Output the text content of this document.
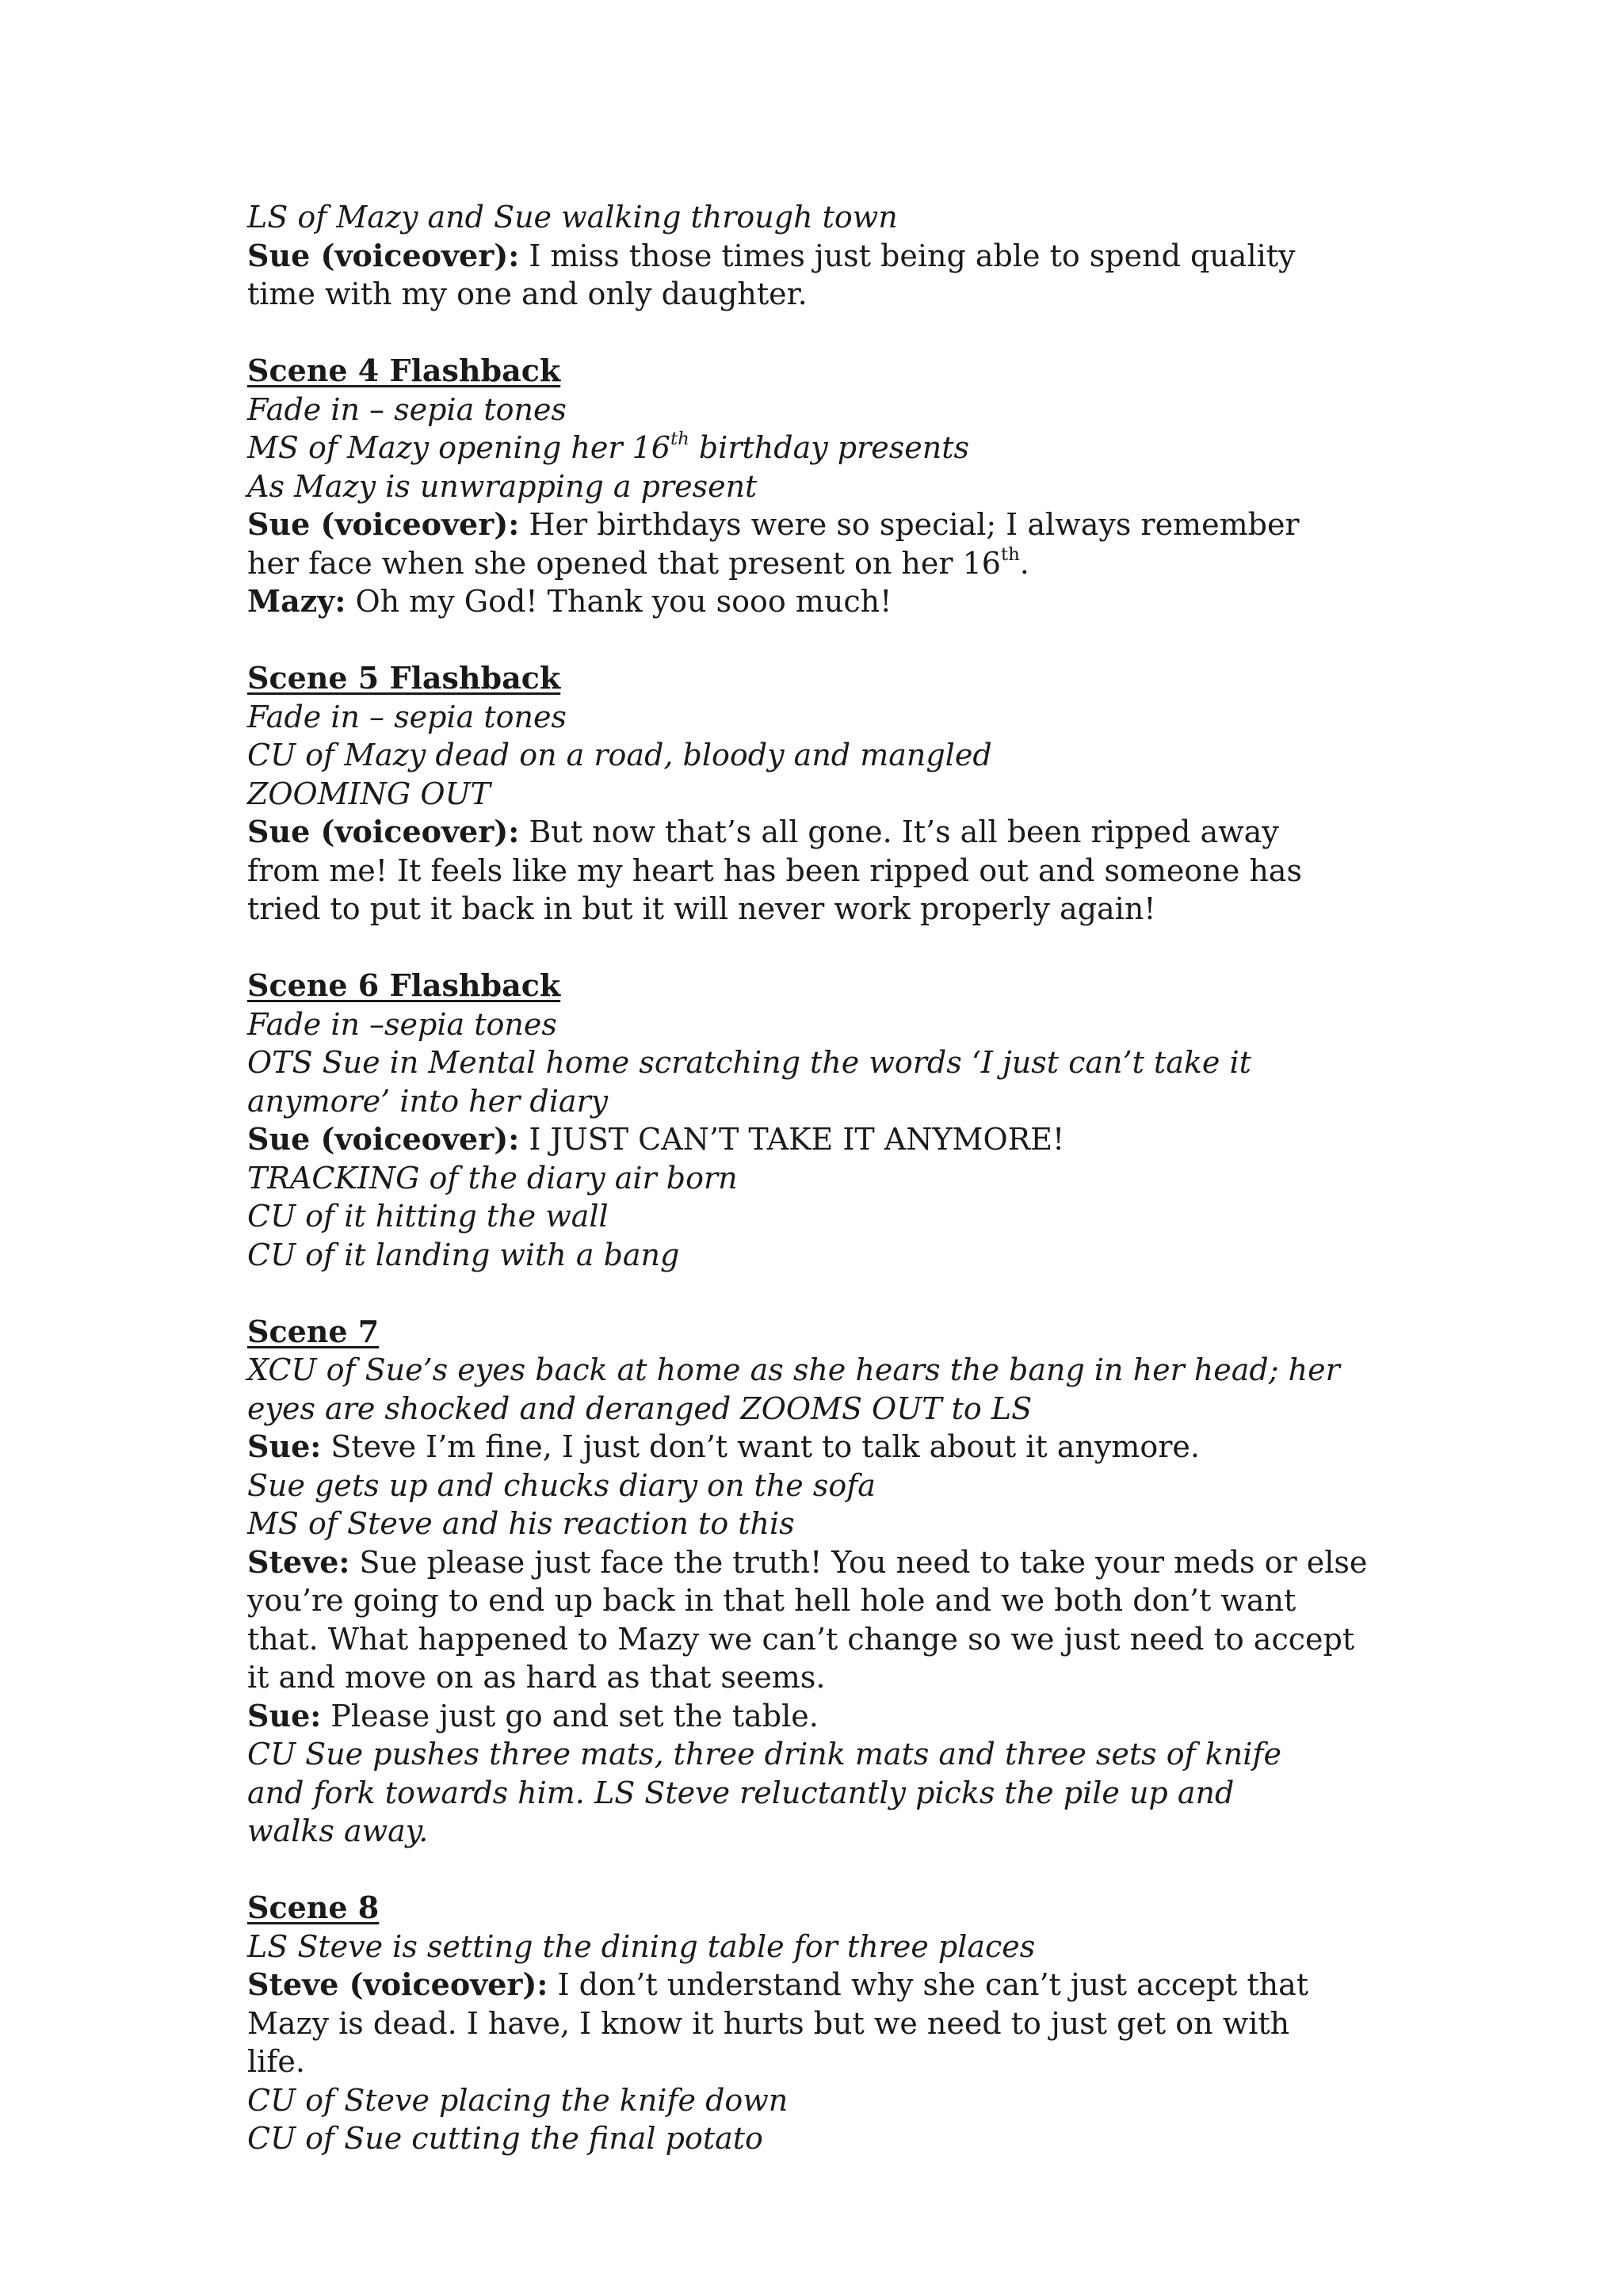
LS of Mazy and Sue walking through town
Sue (voiceover): I miss those times just being able to spend quality time with my one and only daughter.
Scene 4 Flashback
Fade in – sepia tones
MS of Mazy opening her 16th birthday presents
As Mazy is unwrapping a present
Sue (voiceover): Her birthdays were so special; I always remember her face when she opened that present on her 16th.
Mazy: Oh my God! Thank you sooo much!
Scene 5 Flashback
Fade in – sepia tones
CU of Mazy dead on a road, bloody and mangled
ZOOMING OUT
Sue (voiceover): But now that’s all gone. It’s all been ripped away from me! It feels like my heart has been ripped out and someone has tried to put it back in but it will never work properly again!
Scene 6 Flashback
Fade in –sepia tones
OTS Sue in Mental home scratching the words ‘I just can’t take it anymore’ into her diary
Sue (voiceover): I JUST CAN’T TAKE IT ANYMORE!
TRACKING of the diary air born
CU of it hitting the wall
CU of it landing with a bang
Scene 7
XCU of Sue’s eyes back at home as she hears the bang in her head; her eyes are shocked and deranged ZOOMS OUT to LS
Sue: Steve I’m fine, I just don’t want to talk about it anymore.
Sue gets up and chucks diary on the sofa
MS of Steve and his reaction to this
Steve: Sue please just face the truth! You need to take your meds or else you’re going to end up back in that hell hole and we both don’t want that. What happened to Mazy we can’t change so we just need to accept it and move on as hard as that seems.
Sue: Please just go and set the table.
CU Sue pushes three mats, three drink mats and three sets of knife and fork towards him. LS Steve reluctantly picks the pile up and walks away.
Scene 8
LS Steve is setting the dining table for three places
Steve (voiceover): I don’t understand why she can’t just accept that Mazy is dead. I have, I know it hurts but we need to just get on with life.
CU of Steve placing the knife down
CU of Sue cutting the final potato
